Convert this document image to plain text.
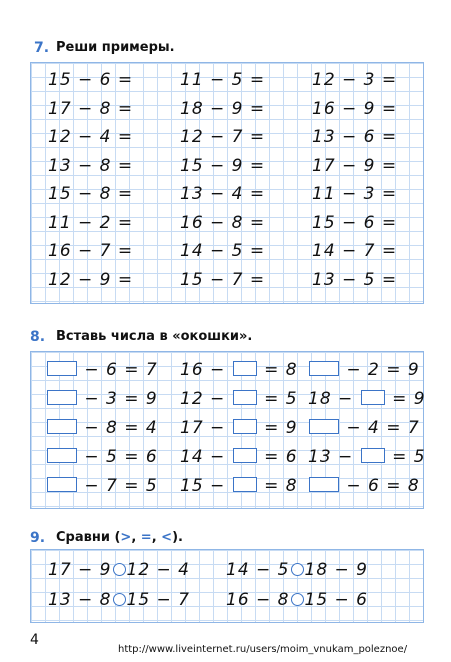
7. Реши примеры.
15 − 6 =
17 − 8 =
12 − 4 =
13 − 8 =
15 − 8 =
11 − 2 =
16 − 7 =
12 − 9 =
11 − 5 =
18 − 9 =
12 − 7 =
15 − 9 =
13 − 4 =
16 − 8 =
14 − 5 =
15 − 7 =
12 − 3 =
16 − 9 =
13 − 6 =
17 − 9 =
11 − 3 =
15 − 6 =
14 − 7 =
13 − 5 =
8. Вставь числа в «окошки».
− 6 = 7
− 3 = 9
− 8 = 4
− 5 = 6
− 7 = 5
16 −  = 8
12 −  = 5
17 −  = 9
14 −  = 6
15 −  = 8
− 2 = 9
18 −  = 9
− 4 = 7
13 −  = 5
− 6 = 8
9. Сравни (>, =, <).
17 − 9 12 − 4 14 − 5 18 − 9
13 − 8 15 − 7 16 − 8 15 − 6
4
http://www.liveinternet.ru/users/moim_vnukam_poleznoe/
